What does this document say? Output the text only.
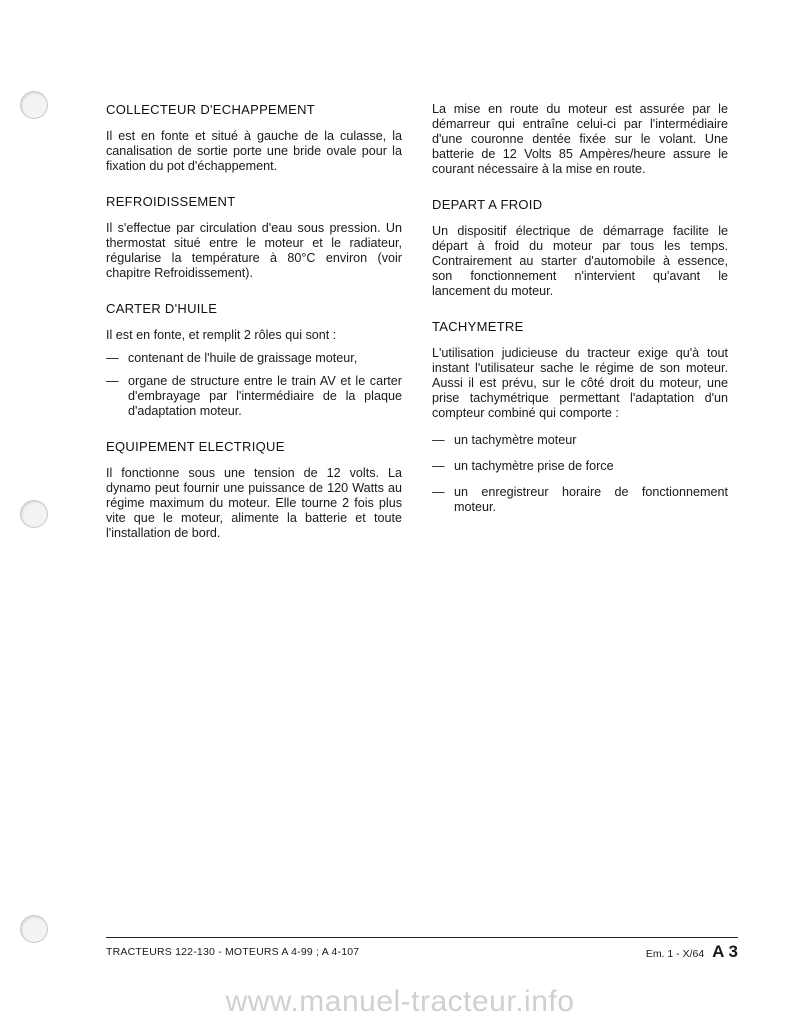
COLLECTEUR D'ECHAPPEMENT

Il est en fonte et situé à gauche de la culasse, la canalisation de sortie porte une bride ovale pour la fixation du pot d'échappement.

REFROIDISSEMENT

Il s'effectue par circulation d'eau sous pression. Un thermostat situé entre le moteur et le radiateur, régularise la température à 80°C environ (voir chapitre Refroidissement).

CARTER D'HUILE

Il est en fonte, et remplit 2 rôles qui sont :

— contenant de l'huile de graissage moteur,
— organe de structure entre le train AV et le carter d'embrayage par l'intermédiaire de la plaque d'adaptation moteur.
EQUIPEMENT ELECTRIQUE

Il fonctionne sous une tension de 12 volts. La dynamo peut fournir une puissance de 120 Watts au régime maximum du moteur. Elle tourne 2 fois plus vite que le moteur, alimente la batterie et toute l'installation de bord.

La mise en route du moteur est assurée par le démarreur qui entraîne celui-ci par l'intermédiaire d'une couronne dentée fixée sur le volant. Une batterie de 12 Volts 85 Ampères/heure assure le courant nécessaire à la mise en route.

DEPART A FROID

Un dispositif électrique de démarrage facilite le départ à froid du moteur par tous les temps. Contrairement au starter d'automobile à essence, son fonctionnement n'intervient qu'avant le lancement du moteur.

TACHYMETRE

L'utilisation judicieuse du tracteur exige qu'à tout instant l'utilisateur sache le régime de son moteur. Aussi il est prévu, sur le côté droit du moteur, une prise tachymétrique permettant l'adaptation d'un compteur combiné qui comporte :

— un tachymètre moteur
— un tachymètre prise de force
— un enregistreur horaire de fonctionnement moteur.
TRACTEURS 122-130 - MOTEURS A 4-99 ; A 4-107	Em. 1 - X/64 A 3
www.manuel-tracteur.info
